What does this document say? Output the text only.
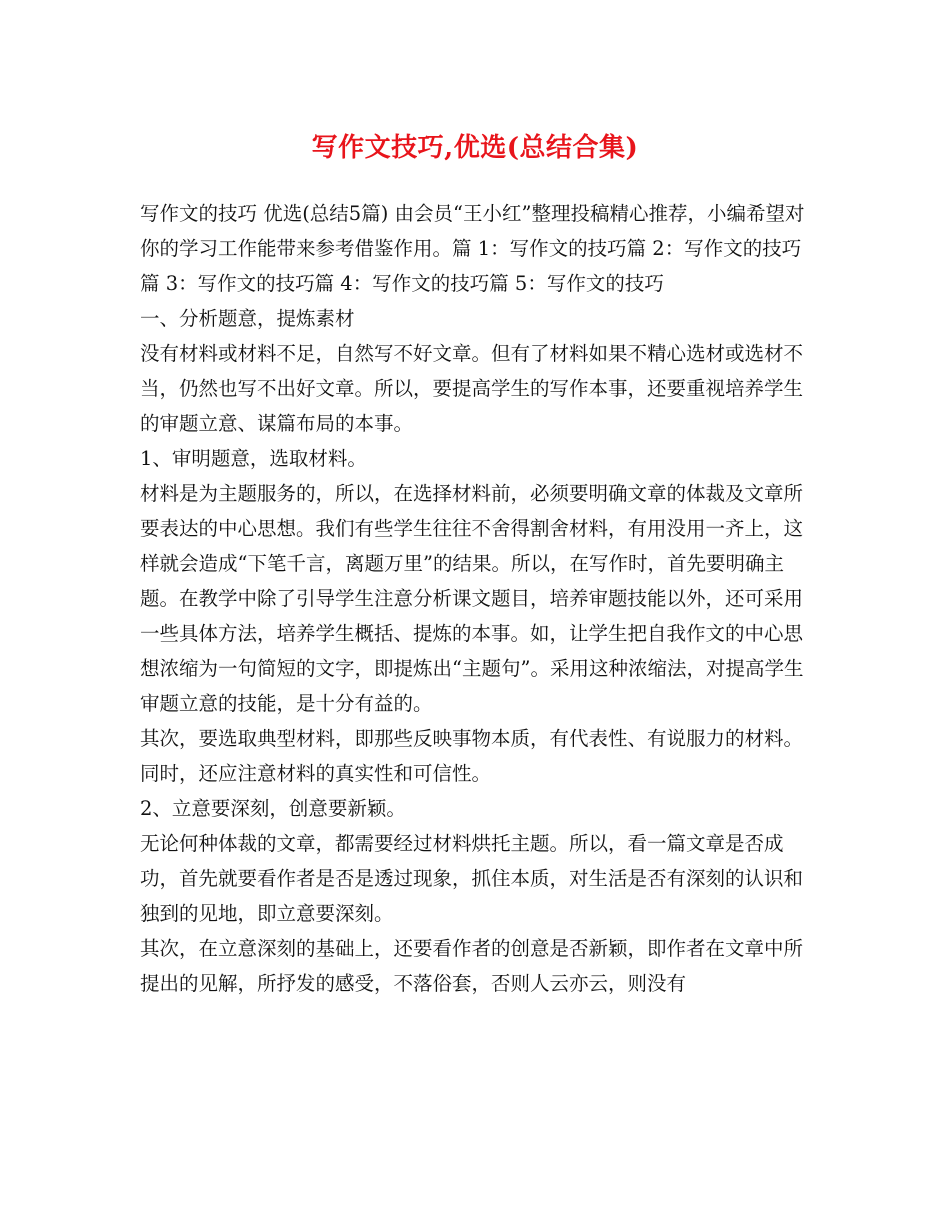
写作文技巧,优选(总结合集)

写作文的技巧 优选(总结5篇) 由会员“王小红”整理投稿精心推荐，小编希望对你的学习工作能带来参考借鉴作用。篇 1：写作文的技巧篇 2：写作文的技巧篇 3：写作文的技巧篇 4：写作文的技巧篇 5：写作文的技巧

一、分析题意，提炼素材

没有材料或材料不足，自然写不好文章。但有了材料如果不精心选材或选材不当，仍然也写不出好文章。所以，要提高学生的写作本事，还要重视培养学生的审题立意、谋篇布局的本事。

1、审明题意，选取材料。

材料是为主题服务的，所以，在选择材料前，必须要明确文章的体裁及文章所要表达的中心思想。我们有些学生往往不舍得割舍材料，有用没用一齐上，这样就会造成“下笔千言，离题万里”的结果。所以，在写作时，首先要明确主题。在教学中除了引导学生注意分析课文题目，培养审题技能以外，还可采用一些具体方法，培养学生概括、提炼的本事。如，让学生把自我作文的中心思想浓缩为一句简短的文字，即提炼出“主题句”。采用这种浓缩法，对提高学生审题立意的技能，是十分有益的。

其次，要选取典型材料，即那些反映事物本质，有代表性、有说服力的材料。同时，还应注意材料的真实性和可信性。

2、立意要深刻，创意要新颖。

无论何种体裁的文章，都需要经过材料烘托主题。所以，看一篇文章是否成功，首先就要看作者是否是透过现象，抓住本质，对生活是否有深刻的认识和独到的见地，即立意要深刻。

其次，在立意深刻的基础上，还要看作者的创意是否新颖，即作者在文章中所提出的见解，所抒发的感受，不落俗套，否则人云亦云，则没有
